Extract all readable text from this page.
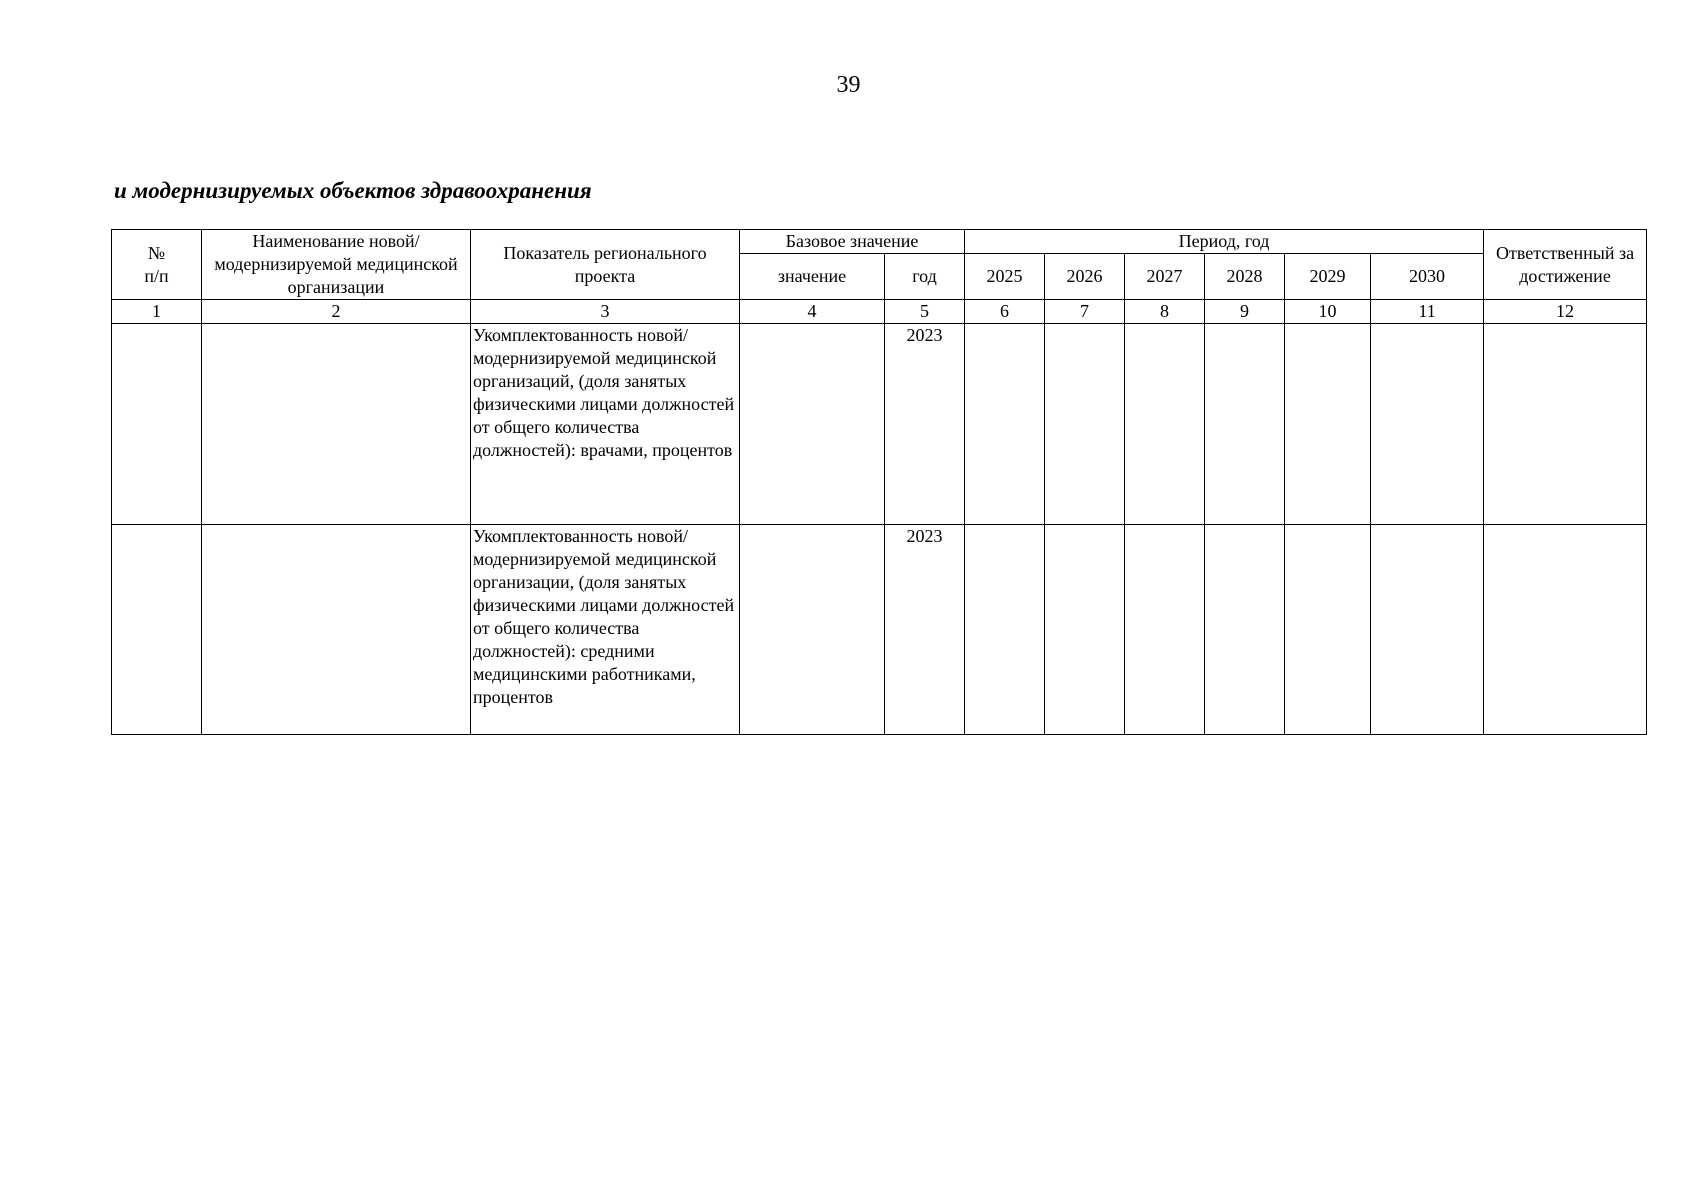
39
и модернизируемых объектов здравоохранения
№
п/п	Наименование новой/модернизируемой медицинской организации	Показатель регионального проекта	Базовое значение		Период, год						Ответственный за достижение
			значение	год	2025	2026	2027	2028	2029	2030	
1	2	3	4	5	6	7	8	9	10	11	12
		Укомплектованность новой/модернизируемой медицинской организаций, (доля занятых физическими лицами должностей от общего количества должностей): врачами, процентов		2023							
		Укомплектованность новой/модернизируемой медицинской организации, (доля занятых физическими лицами должностей от общего количества должностей): средними медицинскими работниками, процентов		2023							
